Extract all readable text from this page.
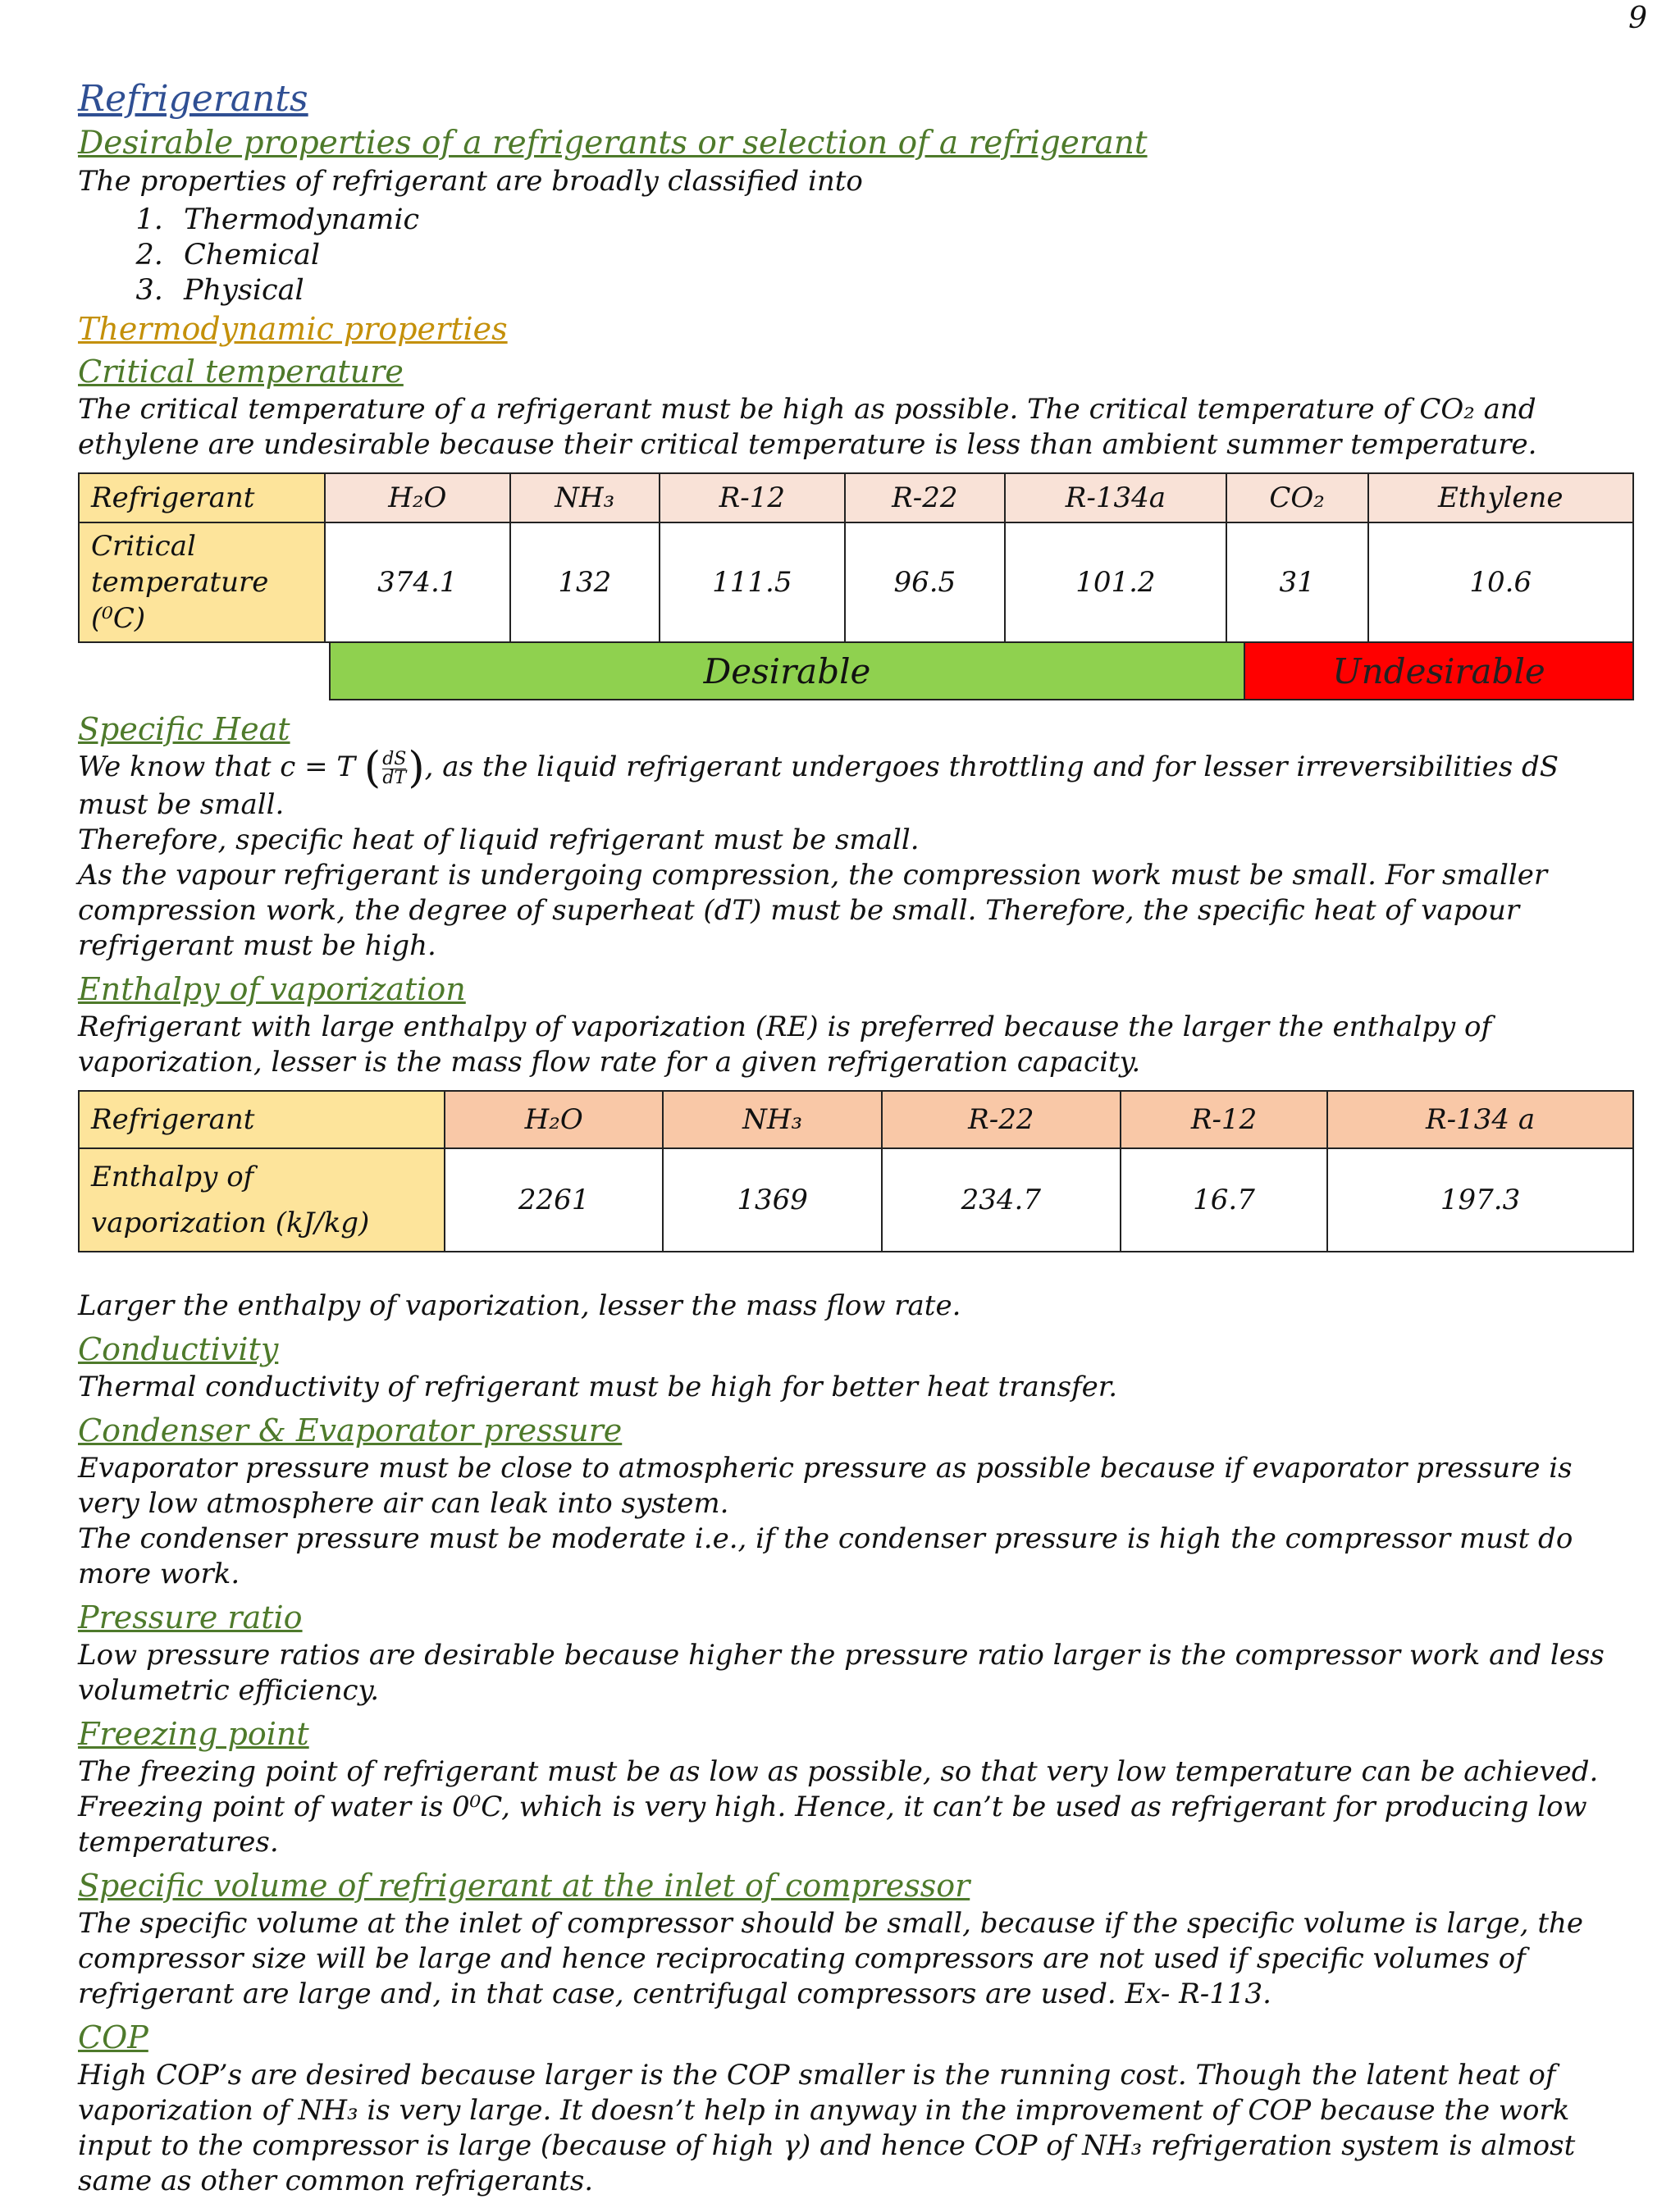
9
Refrigerants
Desirable properties of a refrigerants or selection of a refrigerant

The properties of refrigerant are broadly classified into

1. Thermodynamic
2. Chemical
3. Physical
Thermodynamic properties
Critical temperature

The critical temperature of a refrigerant must be high as possible. The critical temperature of CO₂ and ethylene are undesirable because their critical temperature is less than ambient summer temperature.

Refrigerant	H₂O	NH₃	R-12	R-22	R-134a	CO₂	Ethylene
Critical temperature (⁰C)	374.1	132	111.5	96.5	101.2	31	10.6
Desirable	Undesirable
Specific Heat

We know that c = T ( $\frac{dS}{dT}$ ), as the liquid refrigerant undergoes throttling and for lesser irreversibilities dS must be small.

Therefore, specific heat of liquid refrigerant must be small.

As the vapour refrigerant is undergoing compression, the compression work must be small. For smaller compression work, the degree of superheat (dT) must be small. Therefore, the specific heat of vapour refrigerant must be high.

Enthalpy of vaporization

Refrigerant with large enthalpy of vaporization (RE) is preferred because the larger the enthalpy of vaporization, lesser is the mass flow rate for a given refrigeration capacity.

Refrigerant	H₂O	NH₃	R-22	R-12	R-134 a
Enthalpy of vaporization (kJ/kg)	2261	1369	234.7	16.7	197.3

Larger the enthalpy of vaporization, lesser the mass flow rate.

Conductivity

Thermal conductivity of refrigerant must be high for better heat transfer.

Condenser & Evaporator pressure

Evaporator pressure must be close to atmospheric pressure as possible because if evaporator pressure is very low atmosphere air can leak into system.

The condenser pressure must be moderate i.e., if the condenser pressure is high the compressor must do more work.

Pressure ratio

Low pressure ratios are desirable because higher the pressure ratio larger is the compressor work and less volumetric efficiency.

Freezing point

The freezing point of refrigerant must be as low as possible, so that very low temperature can be achieved.

Freezing point of water is 0⁰C, which is very high. Hence, it can’t be used as refrigerant for producing low temperatures.

Specific volume of refrigerant at the inlet of compressor

The specific volume at the inlet of compressor should be small, because if the specific volume is large, the compressor size will be large and hence reciprocating compressors are not used if specific volumes of refrigerant are large and, in that case, centrifugal compressors are used. Ex- R-113.

COP

High COP’s are desired because larger is the COP smaller is the running cost. Though the latent heat of vaporization of NH₃ is very large. It doesn’t help in anyway in the improvement of COP because the work input to the compressor is large (because of high γ) and hence COP of NH₃ refrigeration system is almost same as other common refrigerants.
